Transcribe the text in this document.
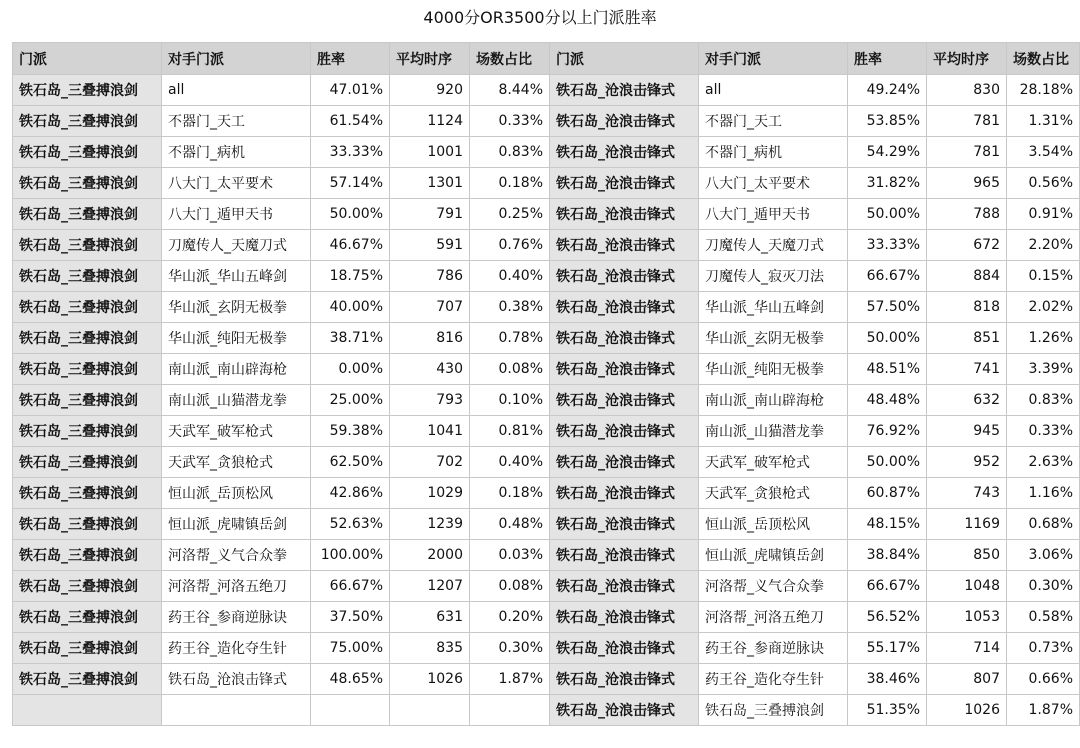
4000分OR3500分以上门派胜率
门派	对手门派	胜率	平均时序	场数占比	门派	对手门派	胜率	平均时序	场数占比
铁石岛_三叠搏浪剑	all	47.01%	920	8.44%	铁石岛_沧浪击锋式	all	49.24%	830	28.18%
铁石岛_三叠搏浪剑	不器门_天工	61.54%	1124	0.33%	铁石岛_沧浪击锋式	不器门_天工	53.85%	781	1.31%
铁石岛_三叠搏浪剑	不器门_病机	33.33%	1001	0.83%	铁石岛_沧浪击锋式	不器门_病机	54.29%	781	3.54%
铁石岛_三叠搏浪剑	八大门_太平要术	57.14%	1301	0.18%	铁石岛_沧浪击锋式	八大门_太平要术	31.82%	965	0.56%
铁石岛_三叠搏浪剑	八大门_遁甲天书	50.00%	791	0.25%	铁石岛_沧浪击锋式	八大门_遁甲天书	50.00%	788	0.91%
铁石岛_三叠搏浪剑	刀魔传人_天魔刀式	46.67%	591	0.76%	铁石岛_沧浪击锋式	刀魔传人_天魔刀式	33.33%	672	2.20%
铁石岛_三叠搏浪剑	华山派_华山五峰剑	18.75%	786	0.40%	铁石岛_沧浪击锋式	刀魔传人_寂灭刀法	66.67%	884	0.15%
铁石岛_三叠搏浪剑	华山派_玄阴无极拳	40.00%	707	0.38%	铁石岛_沧浪击锋式	华山派_华山五峰剑	57.50%	818	2.02%
铁石岛_三叠搏浪剑	华山派_纯阳无极拳	38.71%	816	0.78%	铁石岛_沧浪击锋式	华山派_玄阴无极拳	50.00%	851	1.26%
铁石岛_三叠搏浪剑	南山派_南山辟海枪	0.00%	430	0.08%	铁石岛_沧浪击锋式	华山派_纯阳无极拳	48.51%	741	3.39%
铁石岛_三叠搏浪剑	南山派_山猫潜龙拳	25.00%	793	0.10%	铁石岛_沧浪击锋式	南山派_南山辟海枪	48.48%	632	0.83%
铁石岛_三叠搏浪剑	天武军_破军枪式	59.38%	1041	0.81%	铁石岛_沧浪击锋式	南山派_山猫潜龙拳	76.92%	945	0.33%
铁石岛_三叠搏浪剑	天武军_贪狼枪式	62.50%	702	0.40%	铁石岛_沧浪击锋式	天武军_破军枪式	50.00%	952	2.63%
铁石岛_三叠搏浪剑	恒山派_岳顶松风	42.86%	1029	0.18%	铁石岛_沧浪击锋式	天武军_贪狼枪式	60.87%	743	1.16%
铁石岛_三叠搏浪剑	恒山派_虎啸镇岳剑	52.63%	1239	0.48%	铁石岛_沧浪击锋式	恒山派_岳顶松风	48.15%	1169	0.68%
铁石岛_三叠搏浪剑	河洛帮_义气合众拳	100.00%	2000	0.03%	铁石岛_沧浪击锋式	恒山派_虎啸镇岳剑	38.84%	850	3.06%
铁石岛_三叠搏浪剑	河洛帮_河洛五绝刀	66.67%	1207	0.08%	铁石岛_沧浪击锋式	河洛帮_义气合众拳	66.67%	1048	0.30%
铁石岛_三叠搏浪剑	药王谷_参商逆脉诀	37.50%	631	0.20%	铁石岛_沧浪击锋式	河洛帮_河洛五绝刀	56.52%	1053	0.58%
铁石岛_三叠搏浪剑	药王谷_造化夺生针	75.00%	835	0.30%	铁石岛_沧浪击锋式	药王谷_参商逆脉诀	55.17%	714	0.73%
铁石岛_三叠搏浪剑	铁石岛_沧浪击锋式	48.65%	1026	1.87%	铁石岛_沧浪击锋式	药王谷_造化夺生针	38.46%	807	0.66%
					铁石岛_沧浪击锋式	铁石岛_三叠搏浪剑	51.35%	1026	1.87%
